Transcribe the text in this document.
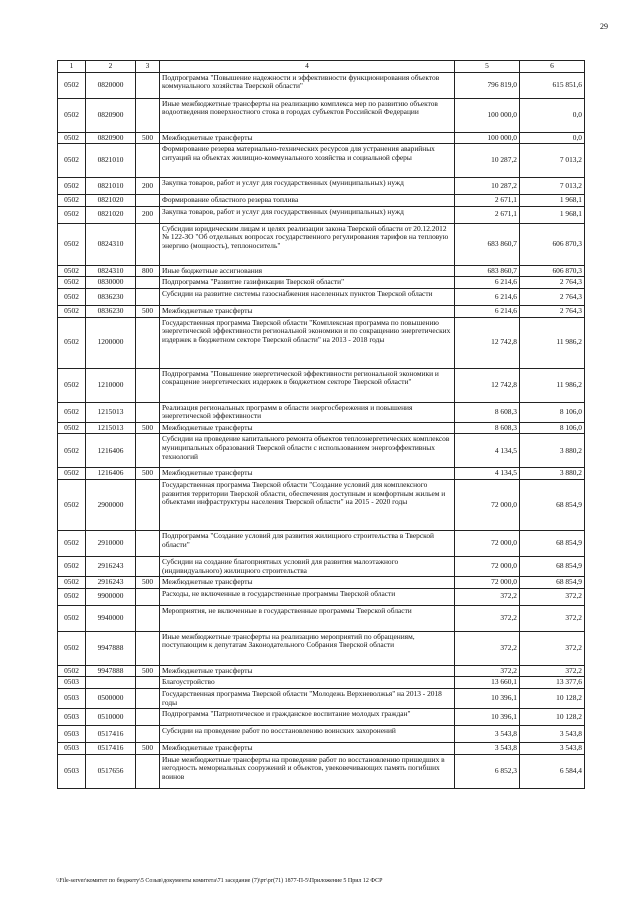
29
1	2	3	4	5	6
0502	0820000		Подпрограмма "Повышение надежности и эффективности функционирования объектов коммунального хозяйства Тверской области"	796 819,0	615 851,6
0502	0820900		Иные межбюджетные трансферты на реализацию комплекса мер по развитию объектов водоотведения поверхностного стока в городах субъектов Российской Федерации	100 000,0	0,0
0502	0820900	500	Межбюджетные трансферты	100 000,0	0,0
0502	0821010		Формирование резерва материально-технических ресурсов для устранения аварийных ситуаций на объектах жилищно-коммунального хозяйства и социальной сферы	10 287,2	7 013,2
0502	0821010	200	Закупка товаров, работ и услуг для государственных (муниципальных) нужд	10 287,2	7 013,2
0502	0821020		Формирование областного резерва топлива	2 671,1	1 968,1
0502	0821020	200	Закупка товаров, работ и услуг для государственных (муниципальных) нужд	2 671,1	1 968,1
0502	0824310		Субсидии юридическим лицам и целях реализации закона Тверской области от 20.12.2012 № 122-ЗО "Об отдельных вопросах государственного регулирования тарифов на тепловую энергию (мощность), теплоноситель"	683 860,7	606 870,3
0502	0824310	800	Иные бюджетные ассигнования	683 860,7	606 870,3
0502	0830000		Подпрограмма "Развитие газификации Тверской области"	6 214,6	2 764,3
0502	0836230		Субсидии на развитие системы газоснабжения населенных пунктов Тверской области	6 214,6	2 764,3
0502	0836230	500	Межбюджетные трансферты	6 214,6	2 764,3
0502	1200000		Государственная программа Тверской области "Комплексная программа по повышению энергетической эффективности региональной экономики и по сокращению энергетических издержек в бюджетном секторе Тверской области" на 2013 - 2018 годы	12 742,8	11 986,2
0502	1210000		Подпрограмма "Повышение энергетической эффективности региональной экономики и сокращение энергетических издержек в бюджетном секторе Тверской области"	12 742,8	11 986,2
0502	1215013		Реализация региональных программ в области энергосбережения и повышения энергетической эффективности	8 608,3	8 106,0
0502	1215013	500	Межбюджетные трансферты	8 608,3	8 106,0
0502	1216406		Субсидии на проведение капитального ремонта объектов теплоэнергетических комплексов муниципальных образований Тверской области с использованием энергоэффективных технологий	4 134,5	3 880,2
0502	1216406	500	Межбюджетные трансферты	4 134,5	3 880,2
0502	2900000		Государственная программа Тверской области "Создание условий для комплексного развития территории Тверской области, обеспечения доступным и комфортным жильем и объектами инфраструктуры населения Тверской области" на 2015 - 2020 годы	72 000,0	68 854,9
0502	2910000		Подпрограмма "Создание условий для развития жилищного строительства в Тверской области"	72 000,0	68 854,9
0502	2916243		Субсидии на создание благоприятных условий для развития малоэтажного (индивидуального) жилищного строительства	72 000,0	68 854,9
0502	2916243	500	Межбюджетные трансферты	72 000,0	68 854,9
0502	9900000		Расходы, не включенные в государственные программы Тверской области	372,2	372,2
0502	9940000		Мероприятия, не включенные в государственные программы Тверской области	372,2	372,2
0502	9947888		Иные межбюджетные трансферты на реализацию мероприятий по обращениям, поступающим к депутатам Законодательного Собрания Тверской области	372,2	372,2
0502	9947888	500	Межбюджетные трансферты	372,2	372,2
0503			Благоустройство	13 660,1	13 377,6
0503	0500000		Государственная программа Тверской области "Молодежь Верхневолжья" на 2013 - 2018 годы	10 396,1	10 128,2
0503	0510000		Подпрограмма "Патриотическое и гражданское воспитание молодых граждан"	10 396,1	10 128,2
0503	0517416		Субсидии на проведение работ по восстановлению воинских захоронений	3 543,8	3 543,8
0503	0517416	500	Межбюджетные трансферты	3 543,8	3 543,8
0503	0517656		Иные межбюджетные трансферты на проведение работ по восстановлению пришедших в негодность мемориальных сооружений и объектов, увековечивающих память погибших воинов	6 852,3	6 584,4
\\File-server\комитет по бюджету\5 Созыв\документы комитета\71 заседание (7)\рт\рг(71) 1877-П-5\Приложение 5 Прил 12 ФСР
